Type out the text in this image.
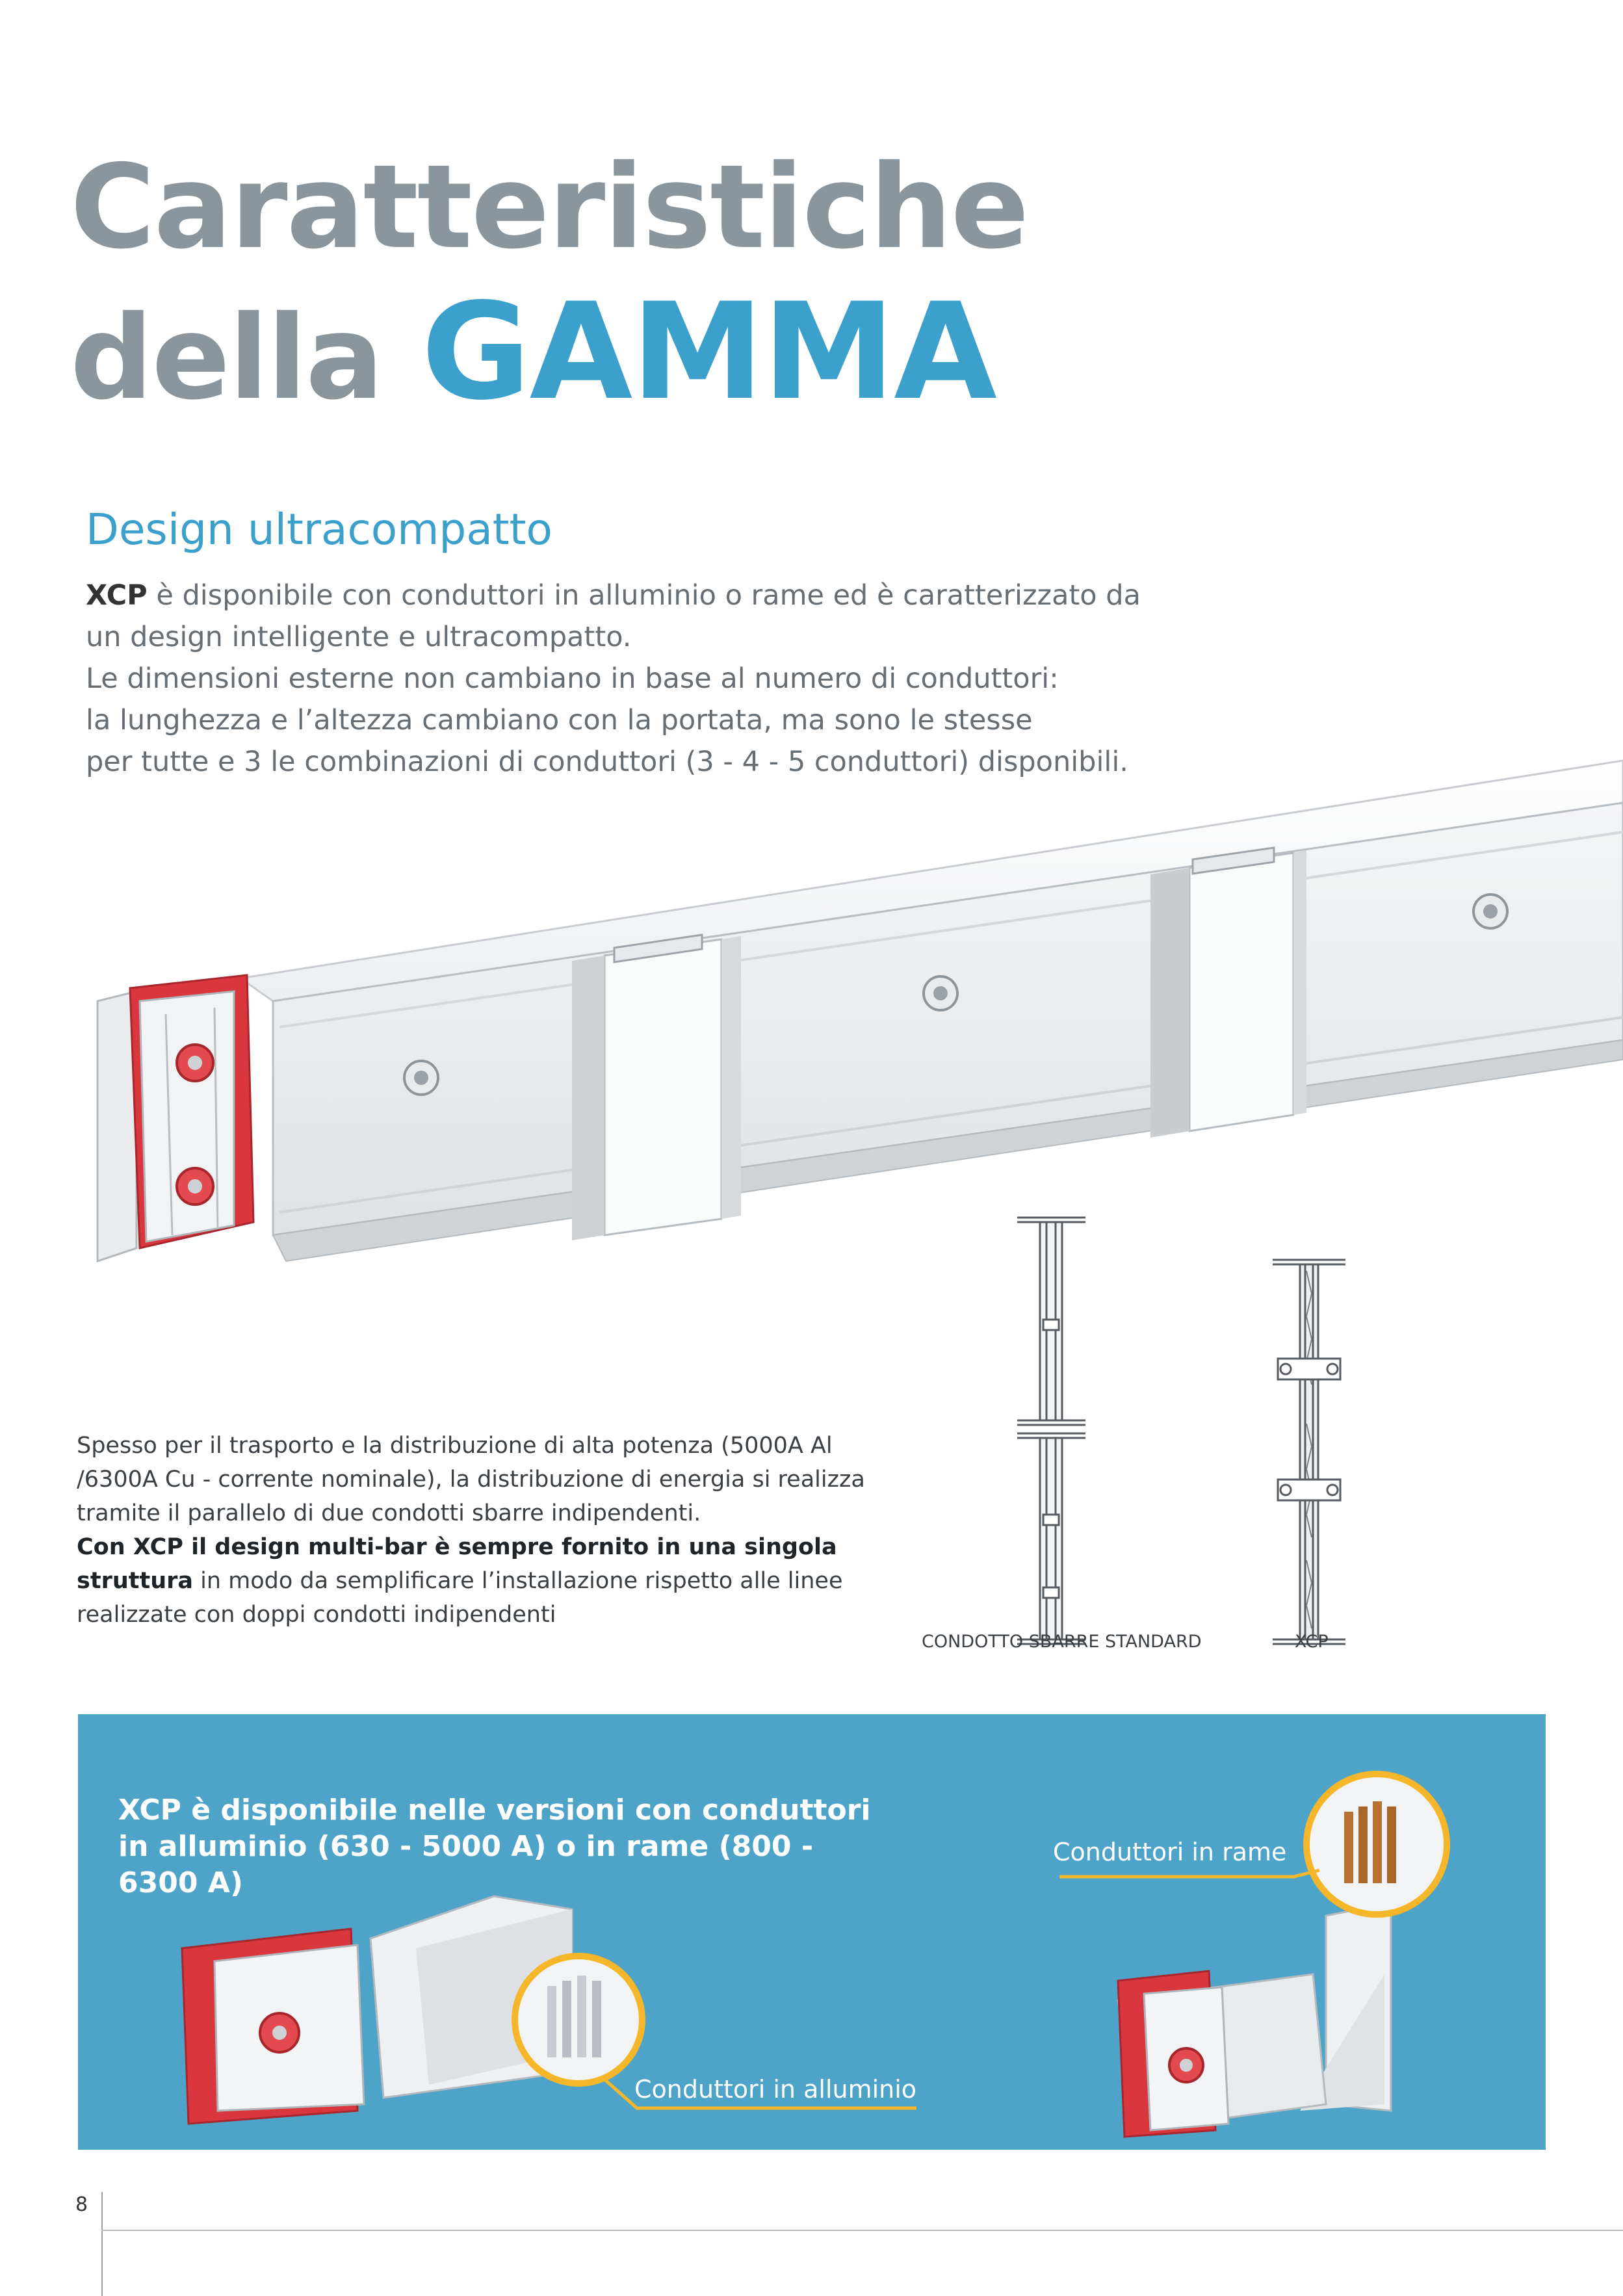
Caratteristiche
della GAMMA
Design ultracompatto

XCP è disponibile con conduttori in alluminio o rame ed è caratterizzato da un design intelligente e ultracompatto.
Le dimensioni esterne non cambiano in base al numero di conduttori:
la lunghezza e l’altezza cambiano con la portata, ma sono le stesse
per tutte e 3 le combinazioni di conduttori (3 - 4 - 5 conduttori) disponibili.

Spesso per il trasporto e la distribuzione di alta potenza (5000A Al /6300A Cu - corrente nominale), la distribuzione di energia si realizza tramite il parallelo di due condotti sbarre indipendenti.
Con XCP il design multi-bar è sempre fornito in una singola struttura in modo da semplificare l’installazione rispetto alle linee realizzate con doppi condotti indipendenti

CONDOTTO SBARRE STANDARD	XCP

XCP è disponibile nelle versioni con conduttori in alluminio (630 - 5000 A) o in rame (800 - 6300 A)

Conduttori in rame
Conduttori in alluminio
8
